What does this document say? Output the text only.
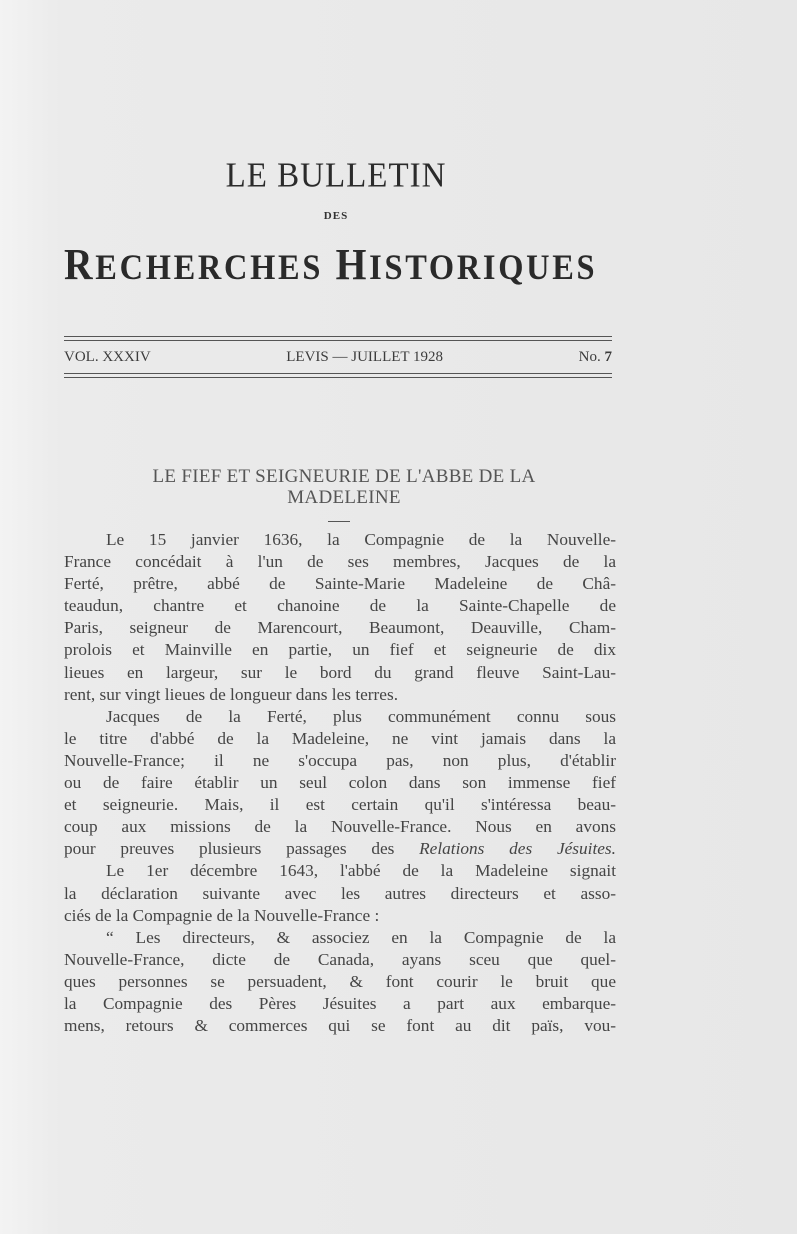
LE BULLETIN
DES
RECHERCHES HISTORIQUES
VOL. XXXIV	LEVIS — JUILLET 1928	No. 7
LE FIEF ET SEIGNEURIE DE L'ABBE DE LA
MADELEINE
Le 15 janvier 1636, la Compagnie de la Nouvelle-
France concédait à l'un de ses membres, Jacques de la
Ferté, prêtre, abbé de Sainte-Marie Madeleine de Châ-
teaudun, chantre et chanoine de la Sainte-Chapelle de
Paris, seigneur de Marencourt, Beaumont, Deauville, Cham-
prolois et Mainville en partie, un fief et seigneurie de dix
lieues en largeur, sur le bord du grand fleuve Saint-Lau-
rent, sur vingt lieues de longueur dans les terres.
Jacques de la Ferté, plus communément connu sous
le titre d'abbé de la Madeleine, ne vint jamais dans la
Nouvelle-France; il ne s'occupa pas, non plus, d'établir
ou de faire établir un seul colon dans son immense fief
et seigneurie. Mais, il est certain qu'il s'intéressa beau-
coup aux missions de la Nouvelle-France. Nous en avons
pour preuves plusieurs passages des Relations des Jésuites.
Le 1er décembre 1643, l'abbé de la Madeleine signait
la déclaration suivante avec les autres directeurs et asso-
ciés de la Compagnie de la Nouvelle-France :
“ Les directeurs, & associez en la Compagnie de la
Nouvelle-France, dicte de Canada, ayans sceu que quel-
ques personnes se persuadent, & font courir le bruit que
la Compagnie des Pères Jésuites a part aux embarque-
mens, retours & commerces qui se font au dit païs, vou-
